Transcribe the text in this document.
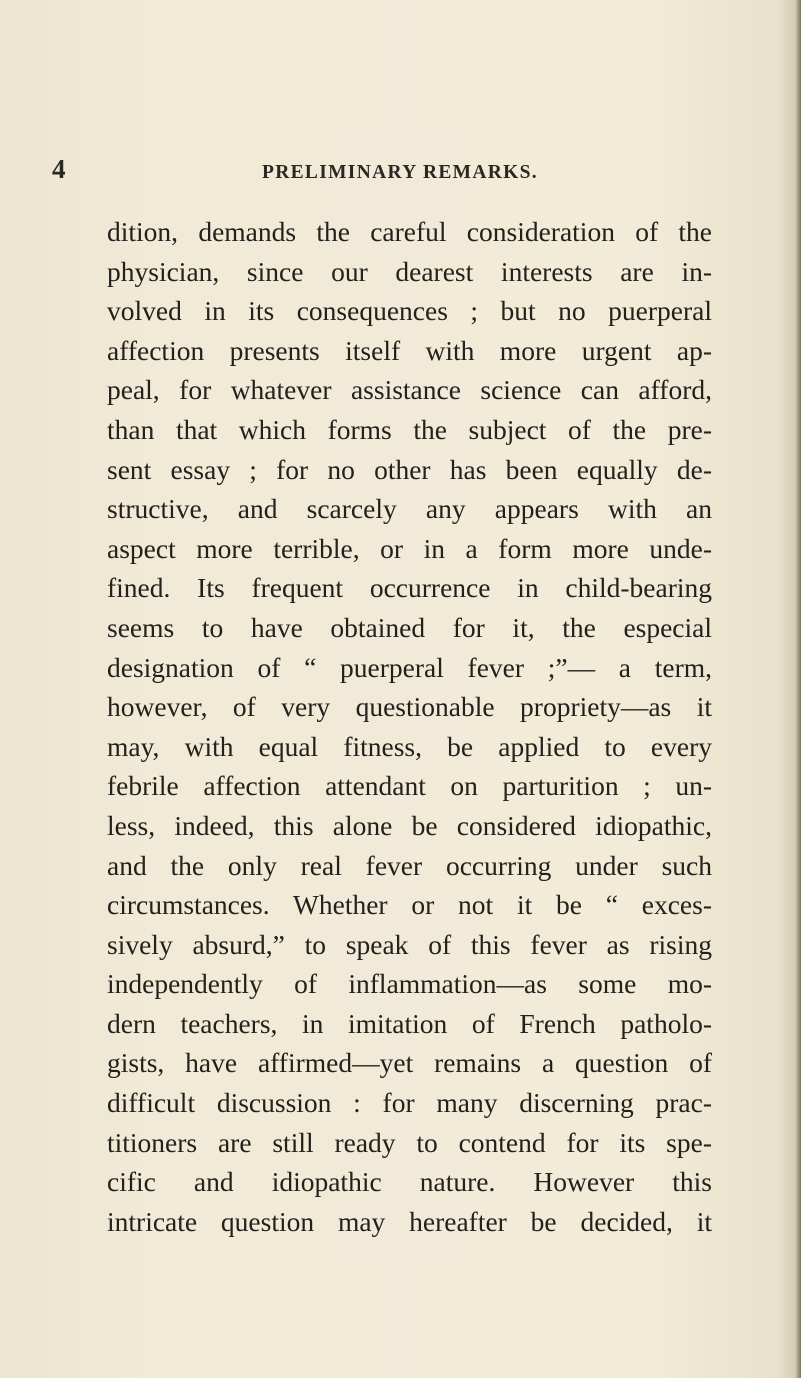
4	PRELIMINARY REMARKS.
dition, demands the careful consideration of the
physician, since our dearest interests are in-
volved in its consequences ; but no puerperal
affection presents itself with more urgent ap-
peal, for whatever assistance science can afford,
than that which forms the subject of the pre-
sent essay ; for no other has been equally de-
structive, and scarcely any appears with an
aspect more terrible, or in a form more unde-
fined. Its frequent occurrence in child-bearing
seems to have obtained for it, the especial
designation of “ puerperal fever ;”— a term,
however, of very questionable propriety—as it
may, with equal fitness, be applied to every
febrile affection attendant on parturition ; un-
less, indeed, this alone be considered idiopathic,
and the only real fever occurring under such
circumstances. Whether or not it be “ exces-
sively absurd,” to speak of this fever as rising
independently of inflammation—as some mo-
dern teachers, in imitation of French patholo-
gists, have affirmed—yet remains a question of
difficult discussion : for many discerning prac-
titioners are still ready to contend for its spe-
cific and idiopathic nature. However this
intricate question may hereafter be decided, it
